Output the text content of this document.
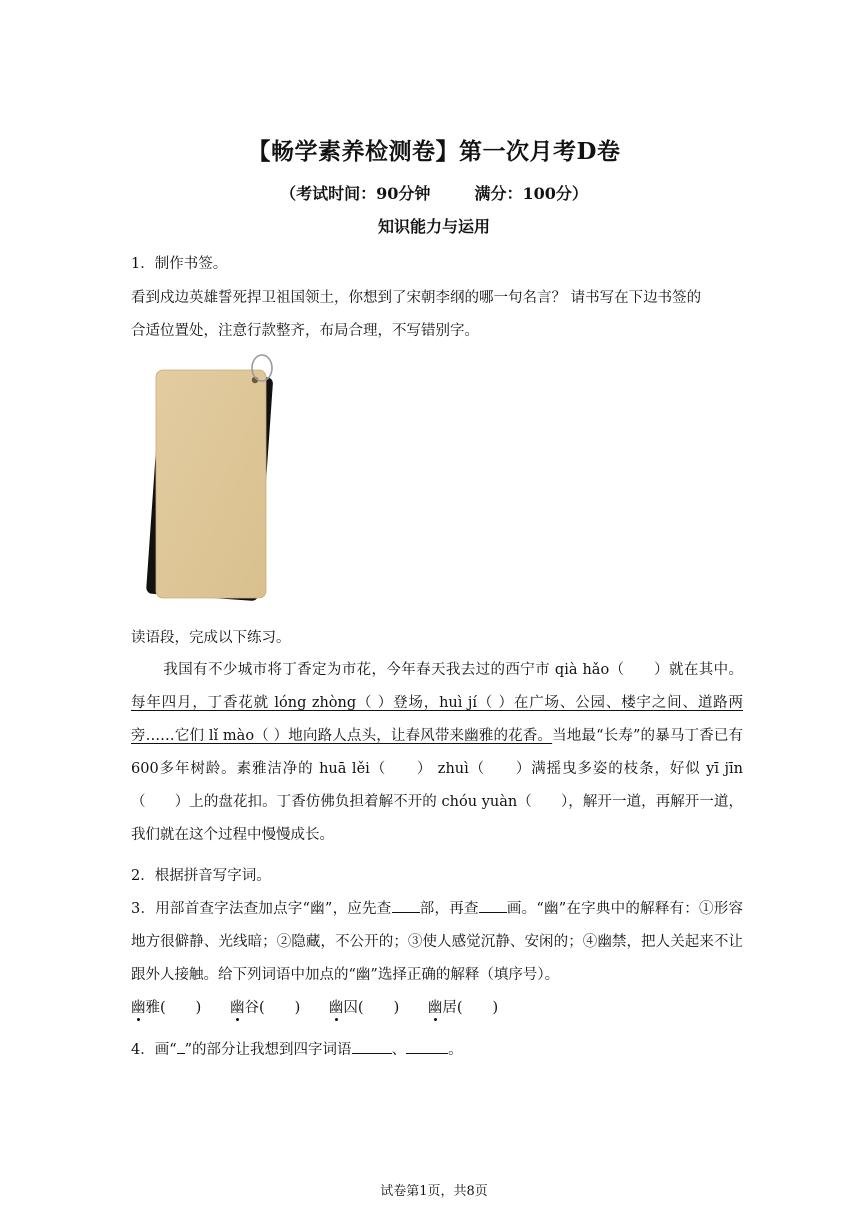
【畅学素养检测卷】第一次月考D卷
（考试时间：90分钟	满分：100分）
知识能力与运用
1．制作书签。
看到戍边英雄誓死捍卫祖国领土，你想到了宋朝李纲的哪一句名言？ 请书写在下边书签的
合适位置处，注意行款整齐，布局合理，不写错别字。
读语段，完成以下练习。
我国有不少城市将丁香定为市花，今年春天我去过的西宁市 qià hǎo（　　）就在其中。每年四月，丁香花就 lóng zhòng（ ）登场，huì jí（ ）在广场、公园、楼宇之间、道路两旁……它们 lǐ mào（ ）地向路人点头，让春风带来幽雅的花香。当地最“长寿”的暴马丁香已有600多年树龄。素雅洁净的 huā lěi（　　） zhuì（　　）满摇曳多姿的枝条，好似 yī jīn（　　）上的盘花扣。丁香仿佛负担着解不开的 chóu yuàn（　　），解开一道，再解开一道，我们就在这个过程中慢慢成长。
2．根据拼音写字词。
3．用部首查字法查加点字“幽”，应先查 部，再查 画。“幽”在字典中的解释有：①形容地方很僻静、光线暗；②隐藏，不公开的；③使人感觉沉静、安闲的；④幽禁，把人关起来不让跟外人接触。给下列词语中加点的“幽”选择正确的解释（填序号）。
幽雅( ) 幽谷( ) 幽囚( ) 幽居( )
4．画“ ”的部分让我想到四字词语	、	。
试卷第1页，共8页
